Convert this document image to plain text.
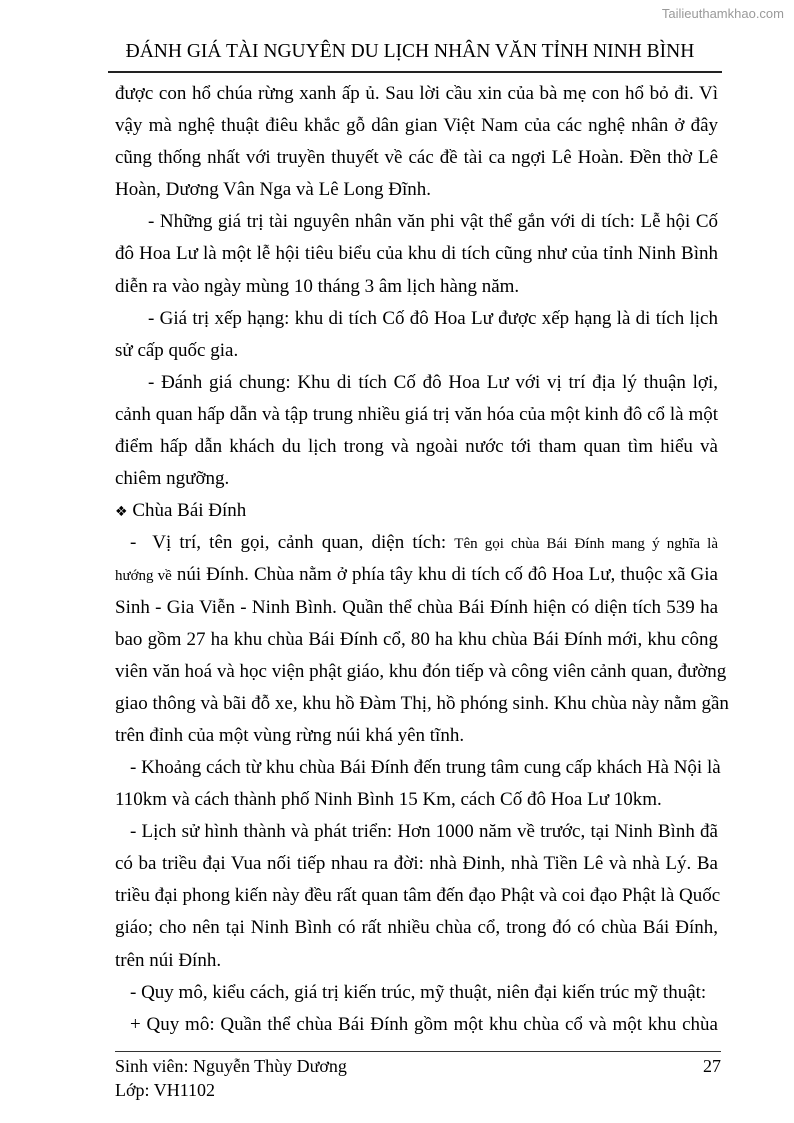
Tailieuthamkhao.com
ĐÁNH GIÁ TÀI NGUYÊN DU LỊCH NHÂN VĂN TỈNH NINH BÌNH
được con hổ chúa rừng xanh ấp ủ. Sau lời cầu xin của bà mẹ con hổ bỏ đi. Vì
vậy mà nghệ thuật điêu khắc gỗ dân gian Việt Nam của các nghệ nhân ở đây
cũng thống nhất với truyền thuyết về các đề tài ca ngợi Lê Hoàn. Đền thờ Lê
Hoàn, Dương Vân Nga và Lê Long Đĩnh.
- Những giá trị tài nguyên nhân văn phi vật thể gắn với di tích: Lễ hội Cố
đô Hoa Lư là một lễ hội tiêu biểu của khu di tích cũng như của tỉnh Ninh Bình
diễn ra vào ngày mùng 10 tháng 3 âm lịch hàng năm.
- Giá trị xếp hạng: khu di tích Cố đô Hoa Lư được xếp hạng là di tích lịch
sử cấp quốc gia.
- Đánh giá chung: Khu di tích Cố đô Hoa Lư với vị trí địa lý thuận lợi,
cảnh quan hấp dẫn và tập trung nhiều giá trị văn hóa của một kinh đô cổ là một
điểm hấp dẫn khách du lịch trong và ngoài nước tới tham quan tìm hiểu và
chiêm ngưỡng.
❖ Chùa Bái Đính
-  Vị trí, tên gọi, cảnh quan, diện tích: Tên gọi chùa Bái Đính mang ý nghĩa là
hướng về núi Đính. Chùa nằm ở phía tây khu di tích cố đô Hoa Lư, thuộc xã Gia
Sinh - Gia Viễn - Ninh Bình. Quần thể chùa Bái Đính hiện có diện tích 539 ha
bao gồm 27 ha khu chùa Bái Đính cổ, 80 ha khu chùa Bái Đính mới, khu công
viên văn hoá và học viện phật giáo, khu đón tiếp và công viên cảnh quan, đường
giao thông và bãi đỗ xe, khu hồ Đàm Thị, hồ phóng sinh. Khu chùa này nằm gần
trên đỉnh của một vùng rừng núi khá yên tĩnh.
- Khoảng cách từ khu chùa Bái Đính đến trung tâm cung cấp khách Hà Nội là
110km và cách thành phố Ninh Bình 15 Km, cách Cố đô Hoa Lư 10km.
- Lịch sử hình thành và phát triển: Hơn 1000 năm về trước, tại Ninh Bình đã
có ba triều đại Vua nối tiếp nhau ra đời: nhà Đinh, nhà Tiền Lê và nhà Lý. Ba
triều đại phong kiến này đều rất quan tâm đến đạo Phật và coi đạo Phật là Quốc
giáo; cho nên tại Ninh Bình có rất nhiều chùa cổ, trong đó có chùa Bái Đính,
trên núi Đính.
- Quy mô, kiểu cách, giá trị kiến trúc, mỹ thuật, niên đại kiến trúc mỹ thuật:
+ Quy mô: Quần thể chùa Bái Đính gồm một khu chùa cổ và một khu chùa
Sinh viên: Nguyễn Thùy Dương	27
Lớp: VH1102
